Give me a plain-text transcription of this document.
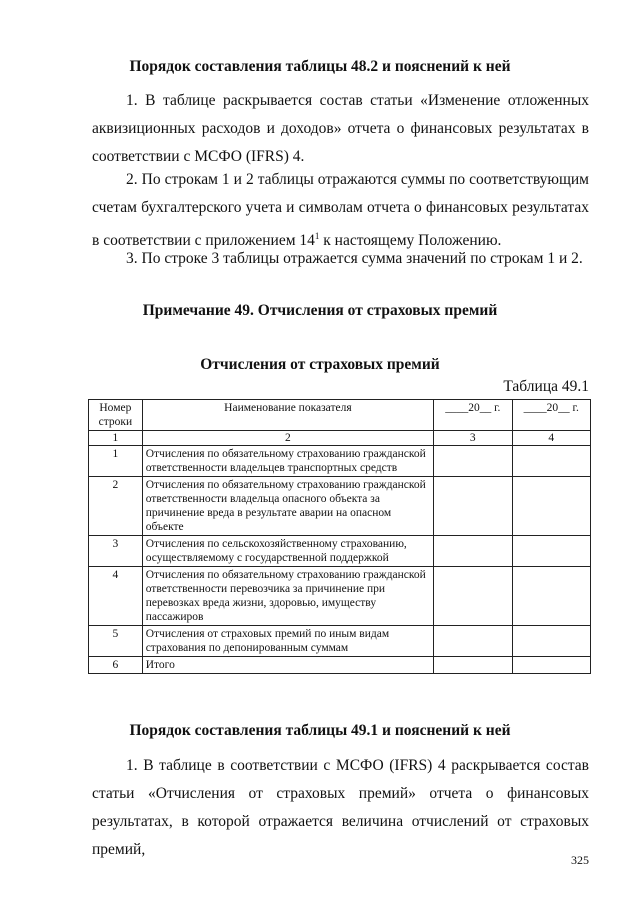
Порядок составления таблицы 48.2 и пояснений к ней

1. В таблице раскрывается состав статьи «Изменение отложенных аквизиционных расходов и доходов» отчета о финансовых результатах в соответствии с МСФО (IFRS) 4.

2. По строкам 1 и 2 таблицы отражаются суммы по соответствующим счетам бухгалтерского учета и символам отчета о финансовых результатах в соответствии с приложением $14^1$ к настоящему Положению.

3. По строке 3 таблицы отражается сумма значений по строкам 1 и 2.

Примечание 49. Отчисления от страховых премий
Отчисления от страховых премий
Таблица 49.1
Номер строки	Наименование показателя	____20__ г.	____20__ г.
1	2	3	4
1	Отчисления по обязательному страхованию гражданской ответственности владельцев транспортных средств		
2	Отчисления по обязательному страхованию гражданской ответственности владельца опасного объекта за причинение вреда в результате аварии на опасном объекте		
3	Отчисления по сельскохозяйственному страхованию, осуществляемому с государственной поддержкой		
4	Отчисления по обязательному страхованию гражданской ответственности перевозчика за причинение при перевозках вреда жизни, здоровью, имуществу пассажиров		
5	Отчисления от страховых премий по иным видам страхования по депонированным суммам		
6	Итого		
Порядок составления таблицы 49.1 и пояснений к ней

1. В таблице в соответствии с МСФО (IFRS) 4 раскрывается состав статьи «Отчисления от страховых премий» отчета о финансовых результатах, в которой отражается величина отчислений от страховых премий,

325
